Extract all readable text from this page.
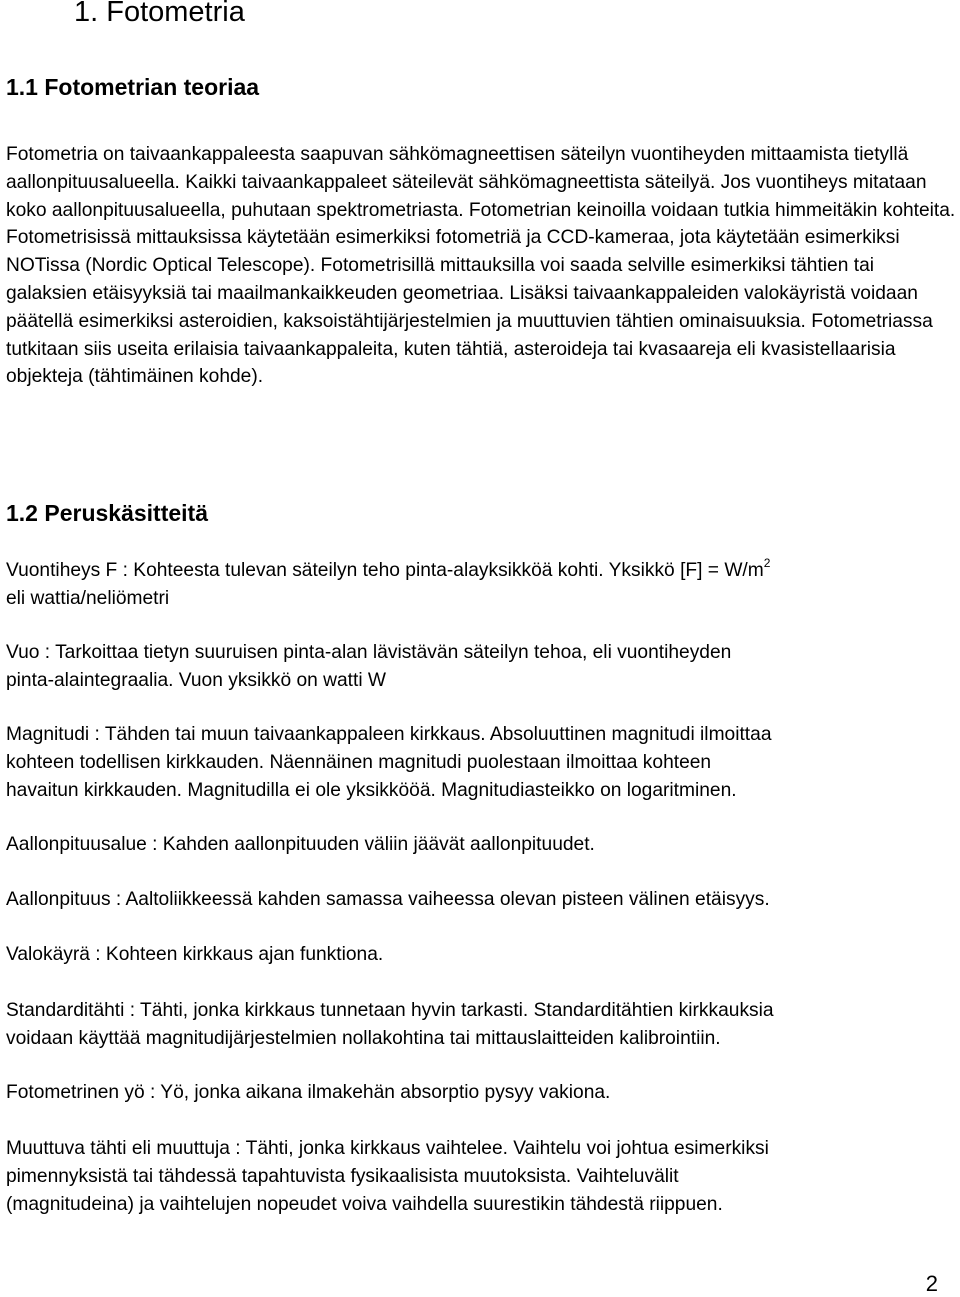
1. Fotometria
1.1 Fotometrian teoriaa

Fotometria on taivaankappaleesta saapuvan sähkömagneettisen säteilyn vuontiheyden mittaamista tietyllä aallonpituusalueella. Kaikki taivaankappaleet säteilevät sähkömagneettista säteilyä. Jos vuontiheys mitataan koko aallonpituusalueella, puhutaan spektrometriasta. Fotometrian keinoilla voidaan tutkia himmeitäkin kohteita. Fotometrisissä mittauksissa käytetään esimerkiksi fotometriä ja CCD-kameraa, jota käytetään esimerkiksi NOTissa (Nordic Optical Telescope). Fotometrisillä mittauksilla voi saada selville esimerkiksi tähtien tai galaksien etäisyyksiä tai maailmankaikkeuden geometriaa. Lisäksi taivaankappaleiden valokäyristä voidaan päätellä esimerkiksi asteroidien, kaksoistähtijärjestelmien ja muuttuvien tähtien ominaisuuksia. Fotometriassa tutkitaan siis useita erilaisia taivaankappaleita, kuten tähtiä, asteroideja tai kvasaareja eli kvasistellaarisia objekteja (tähtimäinen kohde).

1.2 Peruskäsitteitä
Vuontiheys F : Kohteesta tulevan säteilyn teho pinta-alayksikköä kohti. Yksikkö $[F] = W/m^2$
eli wattia/neliömetri
Vuo : Tarkoittaa tietyn suuruisen pinta-alan lävistävän säteilyn tehoa, eli vuontiheyden
pinta-alaintegraalia. Vuon yksikkö on watti W
Magnitudi : Tähden tai muun taivaankappaleen kirkkaus. Absoluuttinen magnitudi ilmoittaa
kohteen todellisen kirkkauden. Näennäinen magnitudi puolestaan ilmoittaa kohteen
havaitun kirkkauden. Magnitudilla ei ole yksikkööä. Magnitudiasteikko on logaritminen.
Aallonpituusalue : Kahden aallonpituuden väliin jäävät aallonpituudet.
Aallonpituus : Aaltoliikkeessä kahden samassa vaiheessa olevan pisteen välinen etäisyys.
Valokäyrä : Kohteen kirkkaus ajan funktiona.
Standarditähti : Tähti, jonka kirkkaus tunnetaan hyvin tarkasti. Standarditähtien kirkkauksia
voidaan käyttää magnitudijärjestelmien nollakohtina tai mittauslaitteiden kalibrointiin.
Fotometrinen yö : Yö, jonka aikana ilmakehän absorptio pysyy vakiona.
Muuttuva tähti eli muuttuja : Tähti, jonka kirkkaus vaihtelee. Vaihtelu voi johtua esimerkiksi
pimennyksistä tai tähdessä tapahtuvista fysikaalisista muutoksista. Vaihteluvälit
(magnitudeina) ja vaihtelujen nopeudet voiva vaihdella suurestikin tähdestä riippuen.
2
